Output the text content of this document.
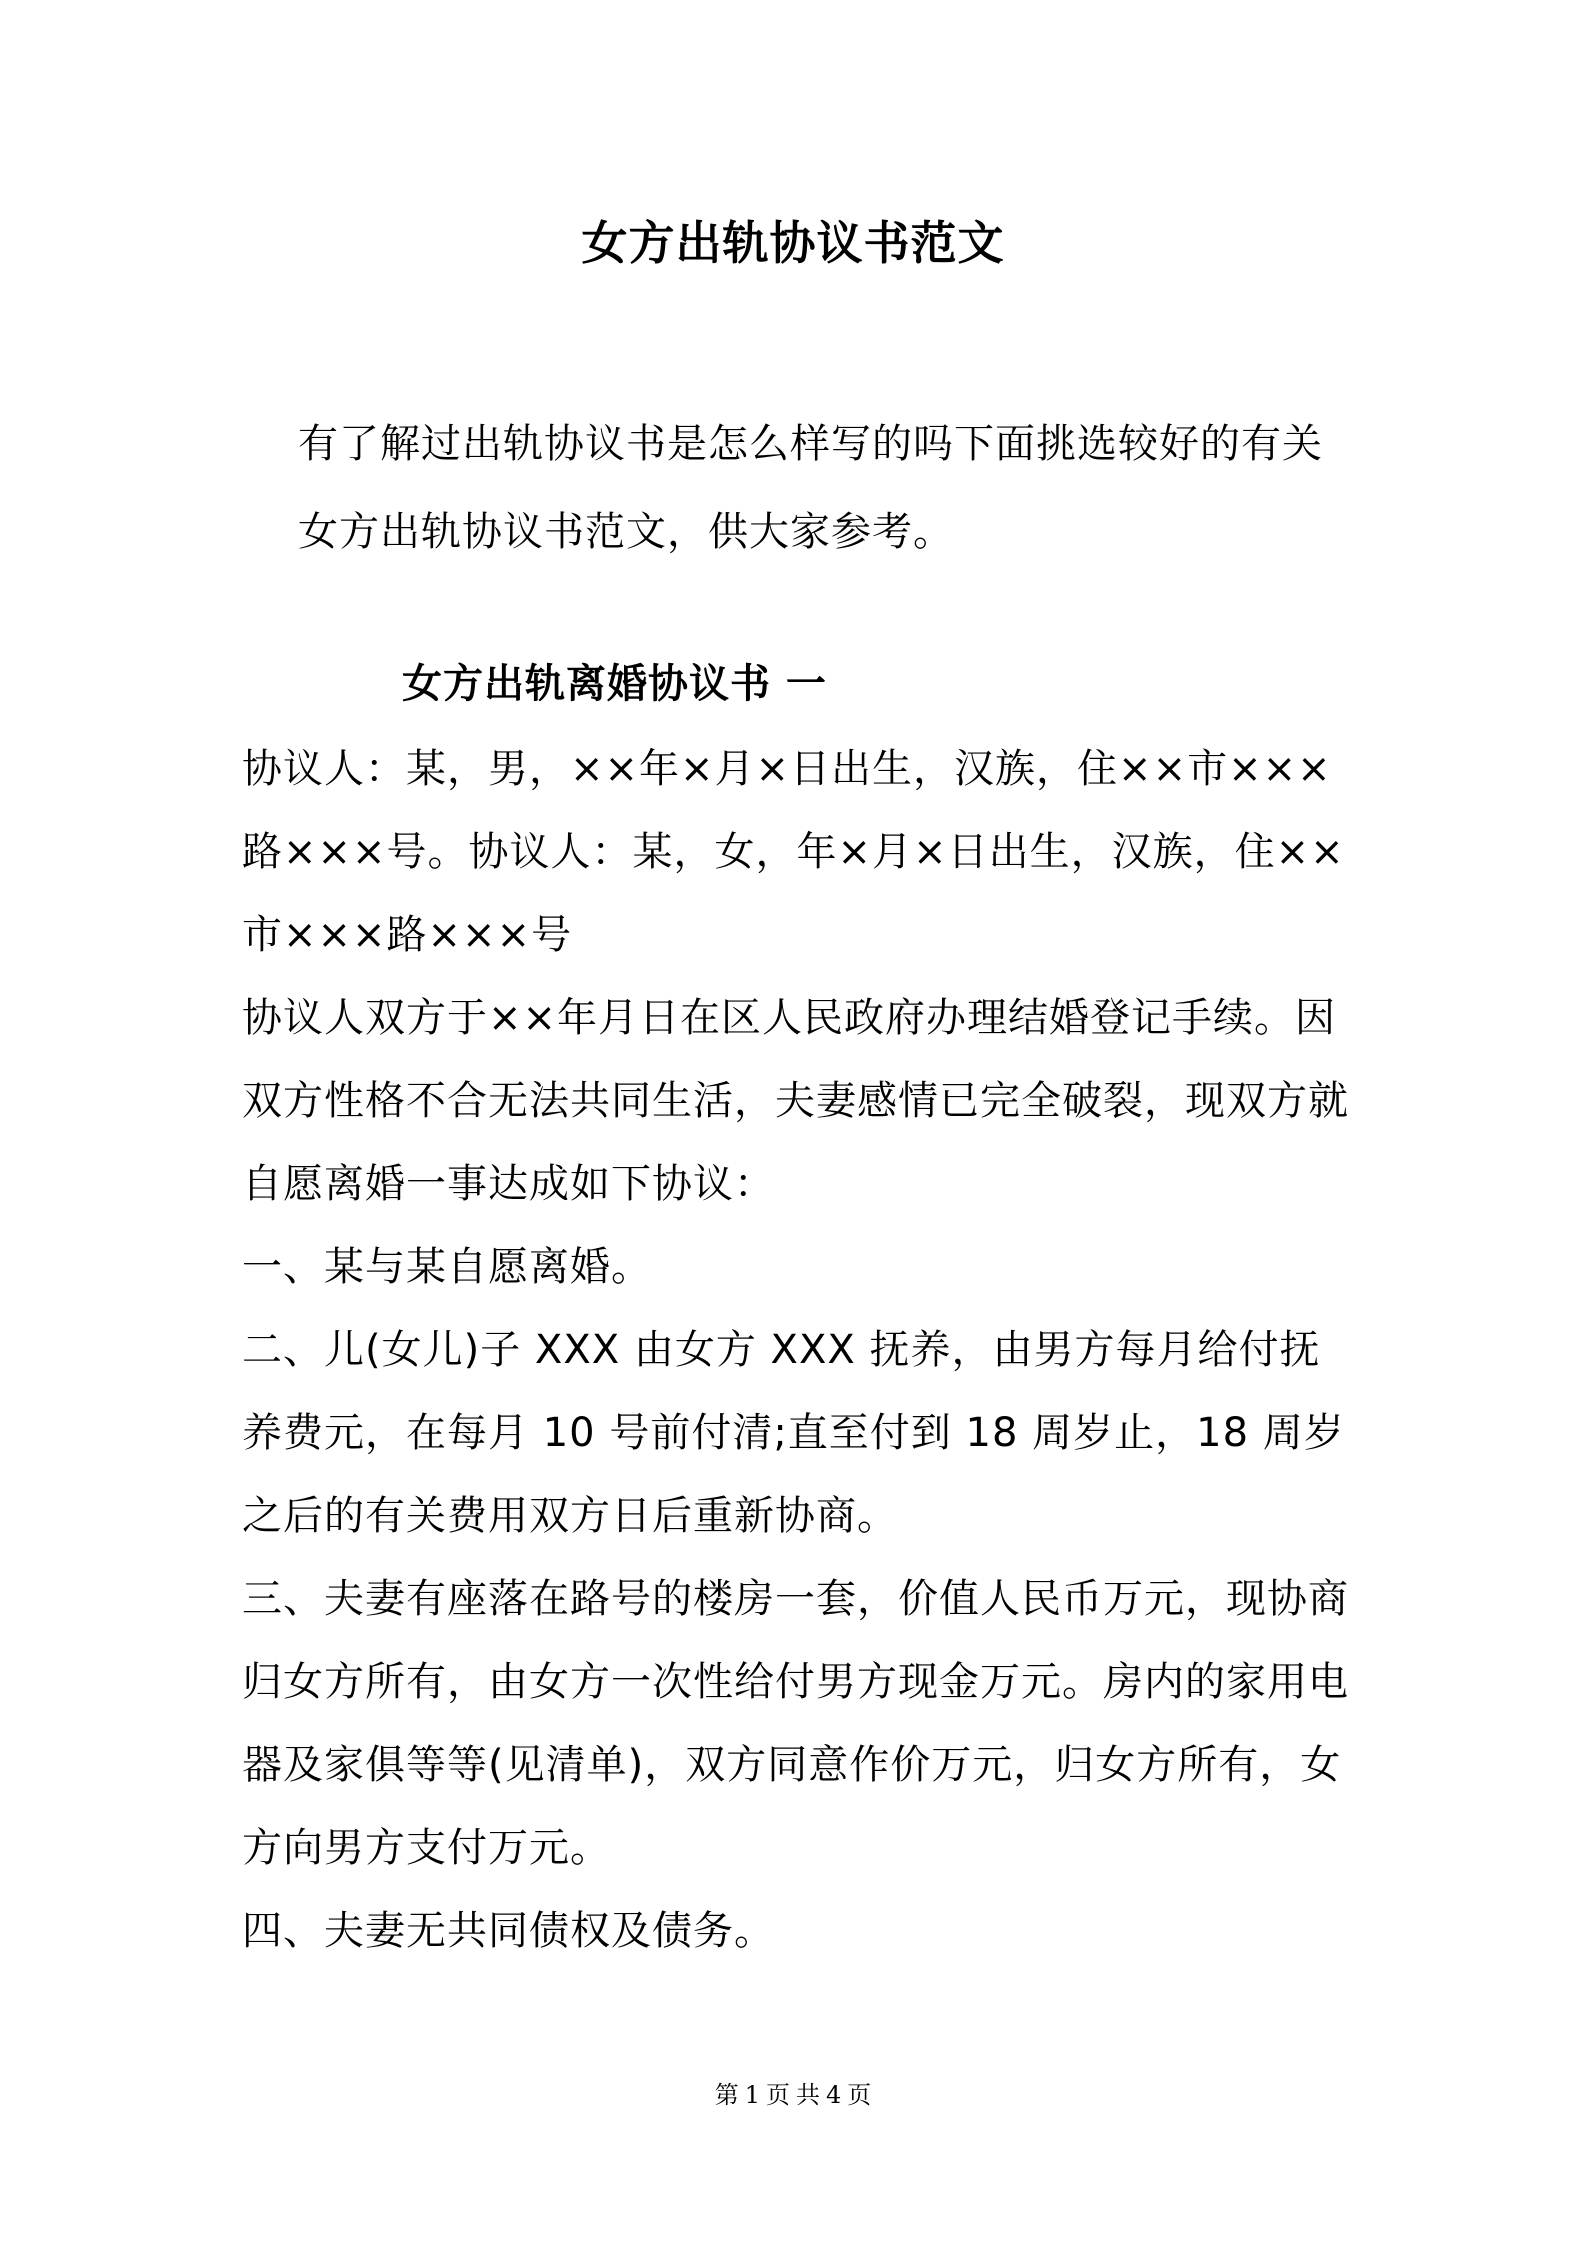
女方出轨协议书范文
有了解过出轨协议书是怎么样写的吗下面挑选较好的有关女方出轨协议书范文，供大家参考。
女方出轨离婚协议书 一

协议人：某，男，××年×月×日出生，汉族，住××市×××路×××号。协议人：某，女，年×月×日出生，汉族，住××市×××路×××号

协议人双方于××年月日在区人民政府办理结婚登记手续。因双方性格不合无法共同生活，夫妻感情已完全破裂，现双方就自愿离婚一事达成如下协议：

一、某与某自愿离婚。

二、儿(女儿)子 XXX 由女方 XXX 抚养，由男方每月给付抚养费元，在每月 10 号前付清;直至付到 18 周岁止，18 周岁之后的有关费用双方日后重新协商。

三、夫妻有座落在路号的楼房一套，价值人民币万元，现协商归女方所有，由女方一次性给付男方现金万元。房内的家用电器及家俱等等(见清单)，双方同意作价万元，归女方所有，女方向男方支付万元。

四、夫妻无共同债权及债务。

第 1 页 共 4 页
